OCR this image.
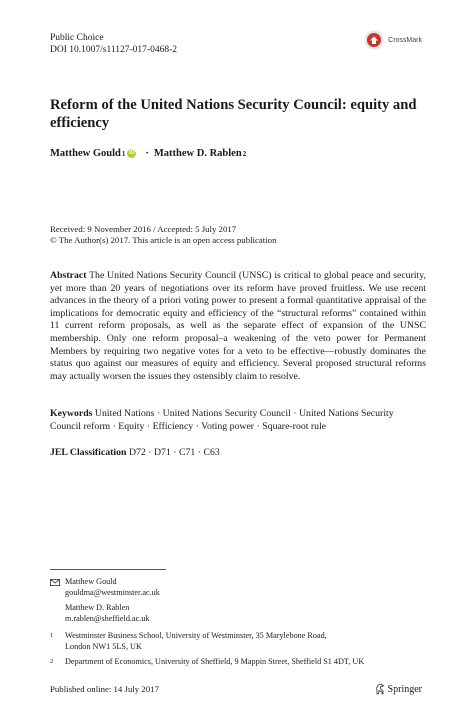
Public Choice
DOI 10.1007/s11127-017-0468-2
CrossMark
Reform of the United Nations Security Council: equity and efficiency
Matthew Gould 1 iD · Matthew D. Rablen 2
Received: 9 November 2016 / Accepted: 5 July 2017
© The Author(s) 2017. This article is an open access publication
Abstract The United Nations Security Council (UNSC) is critical to global peace and security, yet more than 20 years of negotiations over its reform have proved fruitless. We use recent advances in the theory of a priori voting power to present a formal quantitative appraisal of the implications for democratic equity and efficiency of the “structural reforms” contained within 11 current reform proposals, as well as the separate effect of expansion of the UNSC membership. Only one reform proposal–a weakening of the veto power for Permanent Members by requiring two negative votes for a veto to be effective—robustly dominates the status quo against our measures of equity and efficiency. Several proposed structural reforms may actually worsen the issues they ostensibly claim to resolve.
Keywords United Nations · United Nations Security Council · United Nations Security Council reform · Equity · Efficiency · Voting power · Square-root rule
JEL Classification D72 · D71 · C71 · C63
Matthew Gould
gouldma@westminster.ac.uk
Matthew D. Rablen
m.rablen@sheffield.ac.uk
1	Westminster Business School, University of Westminster, 35 Marylebone Road,
London NW1 5LS, UK
2	Department of Economics, University of Sheffield, 9 Mappin Street, Sheffield S1 4DT, UK
Published online: 14 July 2017	Springer
